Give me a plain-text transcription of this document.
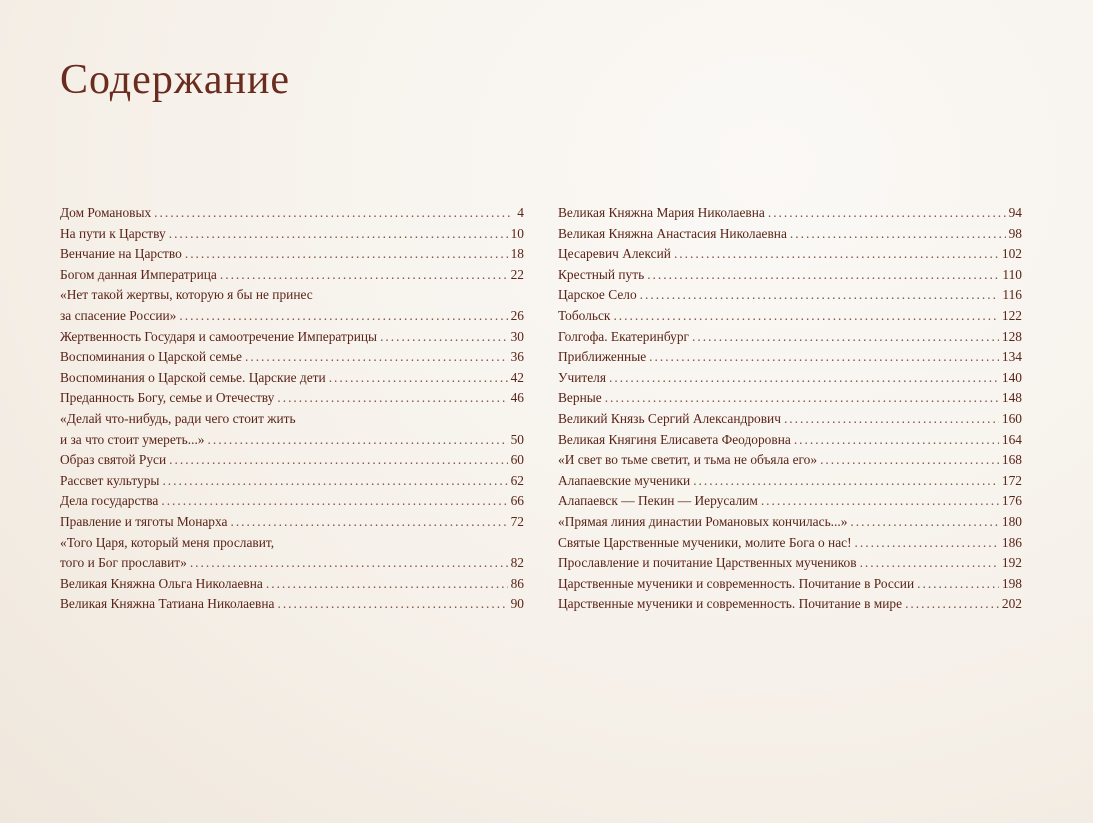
Содержание
Дом Романовых .....	4
На пути к Царству .....	10
Венчание на Царство .....	18
Богом данная Императрица .....	22
«Нет такой жертвы, которую я бы не принес
за спасение России» .....	26
Жертвенность Государя и самоотречение Императрицы .....	30
Воспоминания о Царской семье .....	36
Воспоминания о Царской семье. Царские дети .....	42
Преданность Богу, семье и Отечеству .....	46
«Делай что-нибудь, ради чего стоит жить
и за что стоит умереть...» .....	50
Образ святой Руси .....	60
Рассвет культуры .....	62
Дела государства .....	66
Правление и тяготы Монарха .....	72
«Того Царя, который меня прославит,
того и Бог прославит» .....	82
Великая Княжна Ольга Николаевна .....	86
Великая Княжна Татиана Николаевна .....	90
Великая Княжна Мария Николаевна .....	94
Великая Княжна Анастасия Николаевна .....	98
Цесаревич Алексий .....	102
Крестный путь .....	110
Царское Село .....	116
Тобольск .....	122
Голгофа. Екатеринбург .....	128
Приближенные .....	134
Учителя .....	140
Верные .....	148
Великий Князь Сергий Александрович .....	160
Великая Княгиня Елисавета Феодоровна .....	164
«И свет во тьме светит, и тьма не объяла его» .....	168
Алапаевские мученики .....	172
Алапаевск — Пекин — Иерусалим .....	176
«Прямая линия династии Романовых кончилась...» .....	180
Святые Царственные мученики, молите Бога о нас! .....	186
Прославление и почитание Царственных мучеников .....	192
Царственные мученики и современность. Почитание в России .....	198
Царственные мученики и современность. Почитание в мире .....	202
